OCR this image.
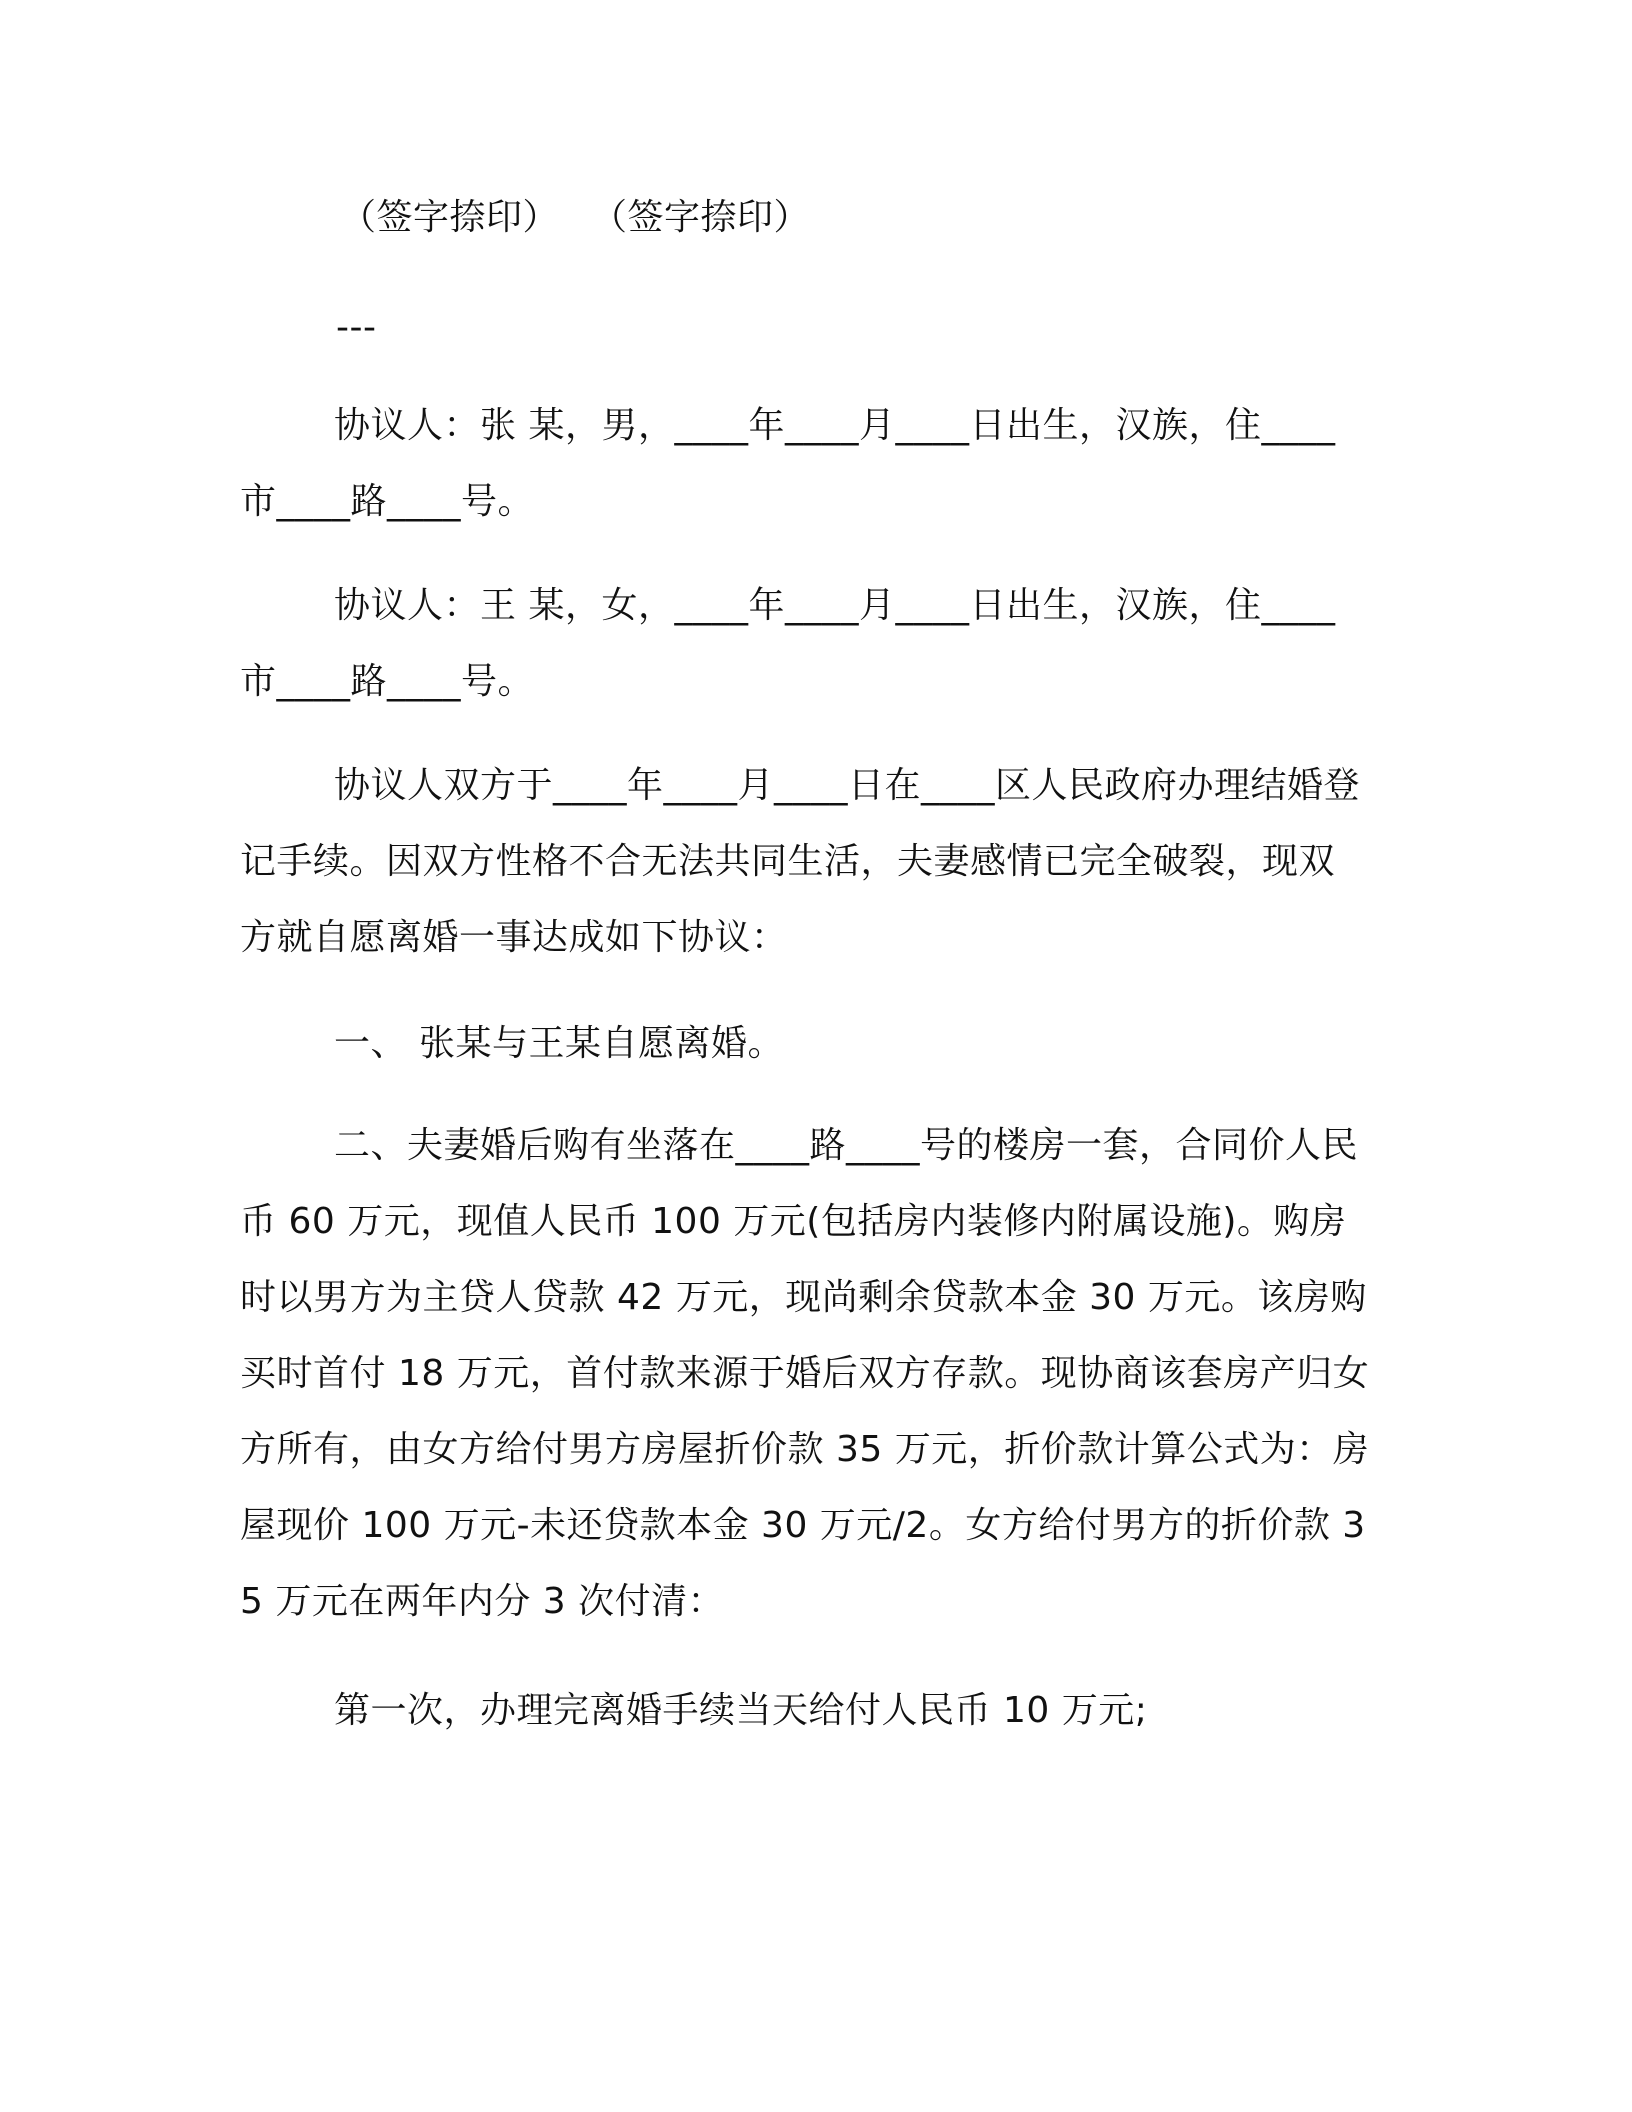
（签字捺印） （签字捺印）

---

协议人：张 某，男，____年____月____日出生，汉族，住____市____路____号。

协议人：王 某，女，____年____月____日出生，汉族，住____市____路____号。

协议人双方于____年____月____日在____区人民政府办理结婚登记手续。因双方性格不合无法共同生活，夫妻感情已完全破裂，现双方就自愿离婚一事达成如下协议：

一、 张某与王某自愿离婚。

二、夫妻婚后购有坐落在____路____号的楼房一套，合同价人民币 60 万元，现值人民币 100 万元(包括房内装修内附属设施)。购房时以男方为主贷人贷款 42 万元，现尚剩余贷款本金 30 万元。该房购买时首付 18 万元，首付款来源于婚后双方存款。现协商该套房产归女方所有，由女方给付男方房屋折价款 35 万元，折价款计算公式为：房屋现价 100 万元-未还贷款本金 30 万元/2。女方给付男方的折价款 35 万元在两年内分 3 次付清：

第一次，办理完离婚手续当天给付人民币 10 万元;
